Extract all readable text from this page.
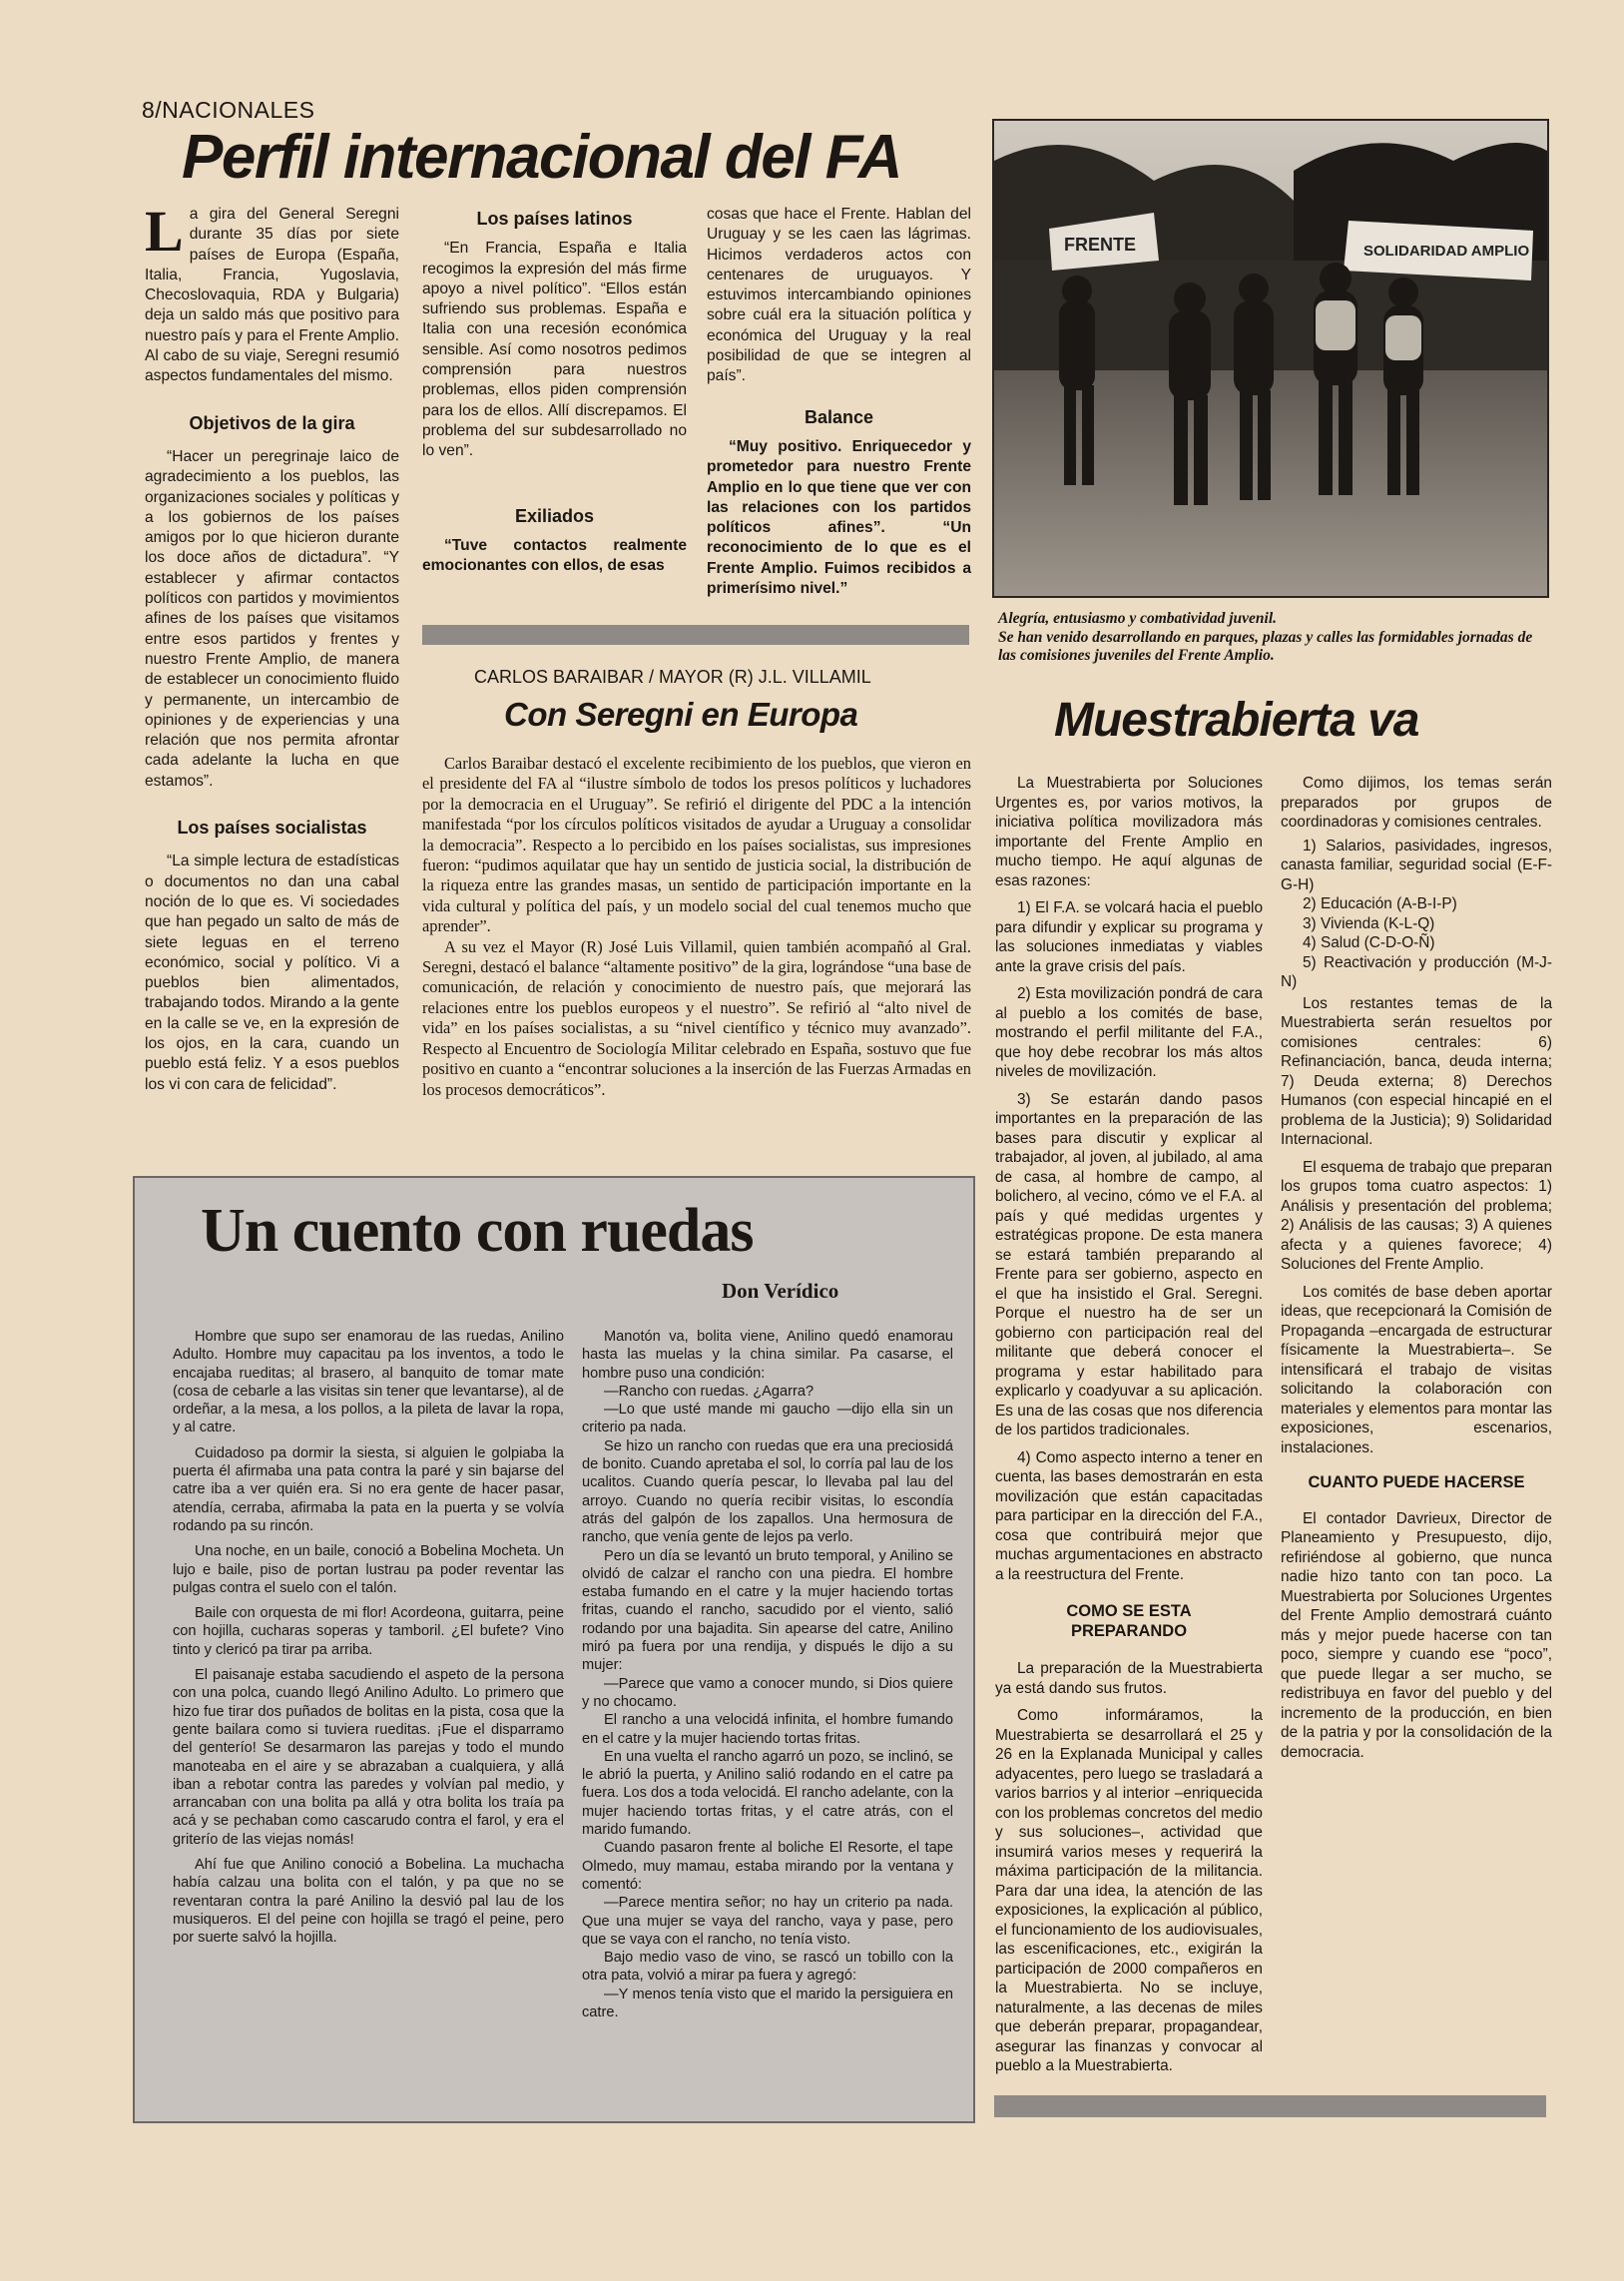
8/NACIONALES
Perfil internacional del FA
La gira del General Seregni durante 35 días por siete países de Europa (España, Italia, Francia, Yugoslavia, Checoslovaquia, RDA y Bulgaria) deja un saldo más que positivo para nuestro país y para el Frente Amplio. Al cabo de su viaje, Seregni resumió aspectos fundamentales del mismo.
Objetivos de la gira

“Hacer un peregrinaje laico de agradecimiento a los pueblos, las organizaciones sociales y políticas y a los gobiernos de los países amigos por lo que hicieron durante los doce años de dictadura”. “Y establecer y afirmar contactos políticos con partidos y movimientos afines de los países que visitamos entre esos partidos y frentes y nuestro Frente Amplio, de manera de establecer un conocimiento fluido y permanente, un intercambio de opiniones y de experiencias y una relación que nos permita afrontar cada adelante la lucha en que estamos”.

Los países socialistas

“La simple lectura de estadísticas o documentos no dan una cabal noción de lo que es. Vi sociedades que han pegado un salto de más de siete leguas en el terreno económico, social y político. Vi a pueblos bien alimentados, trabajando todos. Mirando a la gente en la calle se ve, en la expresión de los ojos, en la cara, cuando un pueblo está feliz. Y a esos pueblos los vi con cara de felicidad”.

Los países latinos

“En Francia, España e Italia recogimos la expresión del más firme apoyo a nivel político”. “Ellos están sufriendo sus problemas. España e Italia con una recesión económica sensible. Así como nosotros pedimos comprensión para nuestros problemas, ellos piden comprensión para los de ellos. Allí discrepamos. El problema del sur subdesarrollado no lo ven”.

Exiliados

“Tuve contactos realmente emocionantes con ellos, de esas

cosas que hace el Frente. Hablan del Uruguay y se les caen las lágrimas. Hicimos verdaderos actos con centenares de uruguayos. Y estuvimos intercambiando opiniones sobre cuál era la situación política y económica del Uruguay y la real posibilidad de que se integren al país”.

Balance

“Muy positivo. Enriquecedor y prometedor para nuestro Frente Amplio en lo que tiene que ver con las relaciones con los partidos políticos afines”. “Un reconocimiento de lo que es el Frente Amplio. Fuimos recibidos a primerísimo nivel.”

FRENTE	SOLIDARIDAD AMPLIO
Alegría, entusiasmo y combatividad juvenil.
Se han venido desarrollando en parques, plazas y calles las formidables jornadas de las comisiones juveniles del Frente Amplio.
CARLOS BARAIBAR / MAYOR (R) J.L. VILLAMIL
Con Seregni en Europa

Carlos Baraibar destacó el excelente recibimiento de los pueblos, que vieron en el presidente del FA al “ilustre símbolo de todos los presos políticos y luchadores por la democracia en el Uruguay”. Se refirió el dirigente del PDC a la intención manifestada “por los círculos políticos visitados de ayudar a Uruguay a consolidar la democracia”. Respecto a lo percibido en los países socialistas, sus impresiones fueron: “pudimos aquilatar que hay un sentido de justicia social, la distribución de la riqueza entre las grandes masas, un sentido de participación importante en la vida cultural y política del país, y un modelo social del cual tenemos mucho que aprender”.

A su vez el Mayor (R) José Luis Villamil, quien también acompañó al Gral. Seregni, destacó el balance “altamente positivo” de la gira, lográndose “una base de comunicación, de relación y conocimiento de nuestro país, que mejorará las relaciones entre los pueblos europeos y el nuestro”. Se refirió al “alto nivel de vida” en los países socialistas, a su “nivel científico y técnico muy avanzado”. Respecto al Encuentro de Sociología Militar celebrado en España, sostuvo que fue positivo en cuanto a “encontrar soluciones a la inserción de las Fuerzas Armadas en los procesos democráticos”.

Muestrabierta va

La Muestrabierta por Soluciones Urgentes es, por varios motivos, la iniciativa política movilizadora más importante del Frente Amplio en mucho tiempo. He aquí algunas de esas razones:

1) El F.A. se volcará hacia el pueblo para difundir y explicar su programa y las soluciones inmediatas y viables ante la grave crisis del país.

2) Esta movilización pondrá de cara al pueblo a los comités de base, mostrando el perfil militante del F.A., que hoy debe recobrar los más altos niveles de movilización.

3) Se estarán dando pasos importantes en la preparación de las bases para discutir y explicar al trabajador, al joven, al jubilado, al ama de casa, al hombre de campo, al bolichero, al vecino, cómo ve el F.A. al país y qué medidas urgentes y estratégicas propone. De esta manera se estará también preparando al Frente para ser gobierno, aspecto en el que ha insistido el Gral. Seregni. Porque el nuestro ha de ser un gobierno con participación real del militante que deberá conocer el programa y estar habilitado para explicarlo y coadyuvar a su aplicación. Es una de las cosas que nos diferencia de los partidos tradicionales.

4) Como aspecto interno a tener en cuenta, las bases demostrarán en esta movilización que están capacitadas para participar en la dirección del F.A., cosa que contribuirá mejor que muchas argumentaciones en abstracto a la reestructura del Frente.

COMO SE ESTA PREPARANDO

La preparación de la Muestrabierta ya está dando sus frutos.

Como informáramos, la Muestrabierta se desarrollará el 25 y 26 en la Explanada Municipal y calles adyacentes, pero luego se trasladará a varios barrios y al interior –enriquecida con los problemas concretos del medio y sus soluciones–, actividad que insumirá varios meses y requerirá la máxima participación de la militancia. Para dar una idea, la atención de las exposiciones, la explicación al público, el funcionamiento de los audiovisuales, las escenificaciones, etc., exigirán la participación de 2000 compañeros en la Muestrabierta. No se incluye, naturalmente, a las decenas de miles que deberán preparar, propagandear, asegurar las finanzas y convocar al pueblo a la Muestrabierta.

Como dijimos, los temas serán preparados por grupos de coordinadoras y comisiones centrales.

1) Salarios, pasividades, ingresos, canasta familiar, seguridad social (E-F-G-H)

2) Educación (A-B-I-P)

3) Vivienda (K-L-Q)

4) Salud (C-D-O-Ñ)

5) Reactivación y producción (M-J-N)

Los restantes temas de la Muestrabierta serán resueltos por comisiones centrales: 6) Refinanciación, banca, deuda interna; 7) Deuda externa; 8) Derechos Humanos (con especial hincapié en el problema de la Justicia); 9) Solidaridad Internacional.

El esquema de trabajo que preparan los grupos toma cuatro aspectos: 1) Análisis y presentación del problema; 2) Análisis de las causas; 3) A quienes afecta y a quienes favorece; 4) Soluciones del Frente Amplio.

Los comités de base deben aportar ideas, que recepcionará la Comisión de Propaganda –encargada de estructurar físicamente la Muestrabierta–. Se intensificará el trabajo de visitas solicitando la colaboración con materiales y elementos para montar las exposiciones, escenarios, instalaciones.

CUANTO PUEDE HACERSE

El contador Davrieux, Director de Planeamiento y Presupuesto, dijo, refiriéndose al gobierno, que nunca nadie hizo tanto con tan poco. La Muestrabierta por Soluciones Urgentes del Frente Amplio demostrará cuánto más y mejor puede hacerse con tan poco, siempre y cuando ese “poco”, que puede llegar a ser mucho, se redistribuya en favor del pueblo y del incremento de la producción, en bien de la patria y por la consolidación de la democracia.

Un cuento con ruedas
Don Verídico

Hombre que supo ser enamorau de las ruedas, Anilino Adulto. Hombre muy capacitau pa los inventos, a todo le encajaba rueditas; al brasero, al banquito de tomar mate (cosa de cebarle a las visitas sin tener que levantarse), al de ordeñar, a la mesa, a los pollos, a la pileta de lavar la ropa, y al catre.

Cuidadoso pa dormir la siesta, si alguien le golpiaba la puerta él afirmaba una pata contra la paré y sin bajarse del catre iba a ver quién era. Si no era gente de hacer pasar, atendía, cerraba, afirmaba la pata en la puerta y se volvía rodando pa su rincón.

Una noche, en un baile, conoció a Bobelina Mocheta. Un lujo e baile, piso de portan lustrau pa poder reventar las pulgas contra el suelo con el talón.

Baile con orquesta de mi flor! Acordeona, guitarra, peine con hojilla, cucharas soperas y tamboril. ¿El bufete? Vino tinto y clericó pa tirar pa arriba.

El paisanaje estaba sacudiendo el aspeto de la persona con una polca, cuando llegó Anilino Adulto. Lo primero que hizo fue tirar dos puñados de bolitas en la pista, cosa que la gente bailara como si tuviera rueditas. ¡Fue el disparramo del genterío! Se desarmaron las parejas y todo el mundo manoteaba en el aire y se abrazaban a cualquiera, y allá iban a rebotar contra las paredes y volvían pal medio, y arrancaban con una bolita pa allá y otra bolita los traía pa acá y se pechaban como cascarudo contra el farol, y era el griterío de las viejas nomás!

Ahí fue que Anilino conoció a Bobelina. La muchacha había calzau una bolita con el talón, y pa que no se reventaran contra la paré Anilino la desvió pal lau de los musiqueros. El del peine con hojilla se tragó el peine, pero por suerte salvó la hojilla.

Manotón va, bolita viene, Anilino quedó enamorau hasta las muelas y la china similar. Pa casarse, el hombre puso una condición:

—Rancho con ruedas. ¿Agarra?

—Lo que usté mande mi gaucho —dijo ella sin un criterio pa nada.

Se hizo un rancho con ruedas que era una preciosidá de bonito. Cuando apretaba el sol, lo corría pal lau de los ucalitos. Cuando quería pescar, lo llevaba pal lau del arroyo. Cuando no quería recibir visitas, lo escondía atrás del galpón de los zapallos. Una hermosura de rancho, que venía gente de lejos pa verlo.

Pero un día se levantó un bruto temporal, y Anilino se olvidó de calzar el rancho con una piedra. El hombre estaba fumando en el catre y la mujer haciendo tortas fritas, cuando el rancho, sacudido por el viento, salió rodando por una bajadita. Sin apearse del catre, Anilino miró pa fuera por una rendija, y dispués le dijo a su mujer:

—Parece que vamo a conocer mundo, si Dios quiere y no chocamo.

El rancho a una velocidá infinita, el hombre fumando en el catre y la mujer haciendo tortas fritas.

En una vuelta el rancho agarró un pozo, se inclinó, se le abrió la puerta, y Anilino salió rodando en el catre pa fuera. Los dos a toda velocidá. El rancho adelante, con la mujer haciendo tortas fritas, y el catre atrás, con el marido fumando.

Cuando pasaron frente al boliche El Resorte, el tape Olmedo, muy mamau, estaba mirando por la ventana y comentó:

—Parece mentira señor; no hay un criterio pa nada. Que una mujer se vaya del rancho, vaya y pase, pero que se vaya con el rancho, no tenía visto.

Bajo medio vaso de vino, se rascó un tobillo con la otra pata, volvió a mirar pa fuera y agregó:

—Y menos tenía visto que el marido la persiguiera en catre.
